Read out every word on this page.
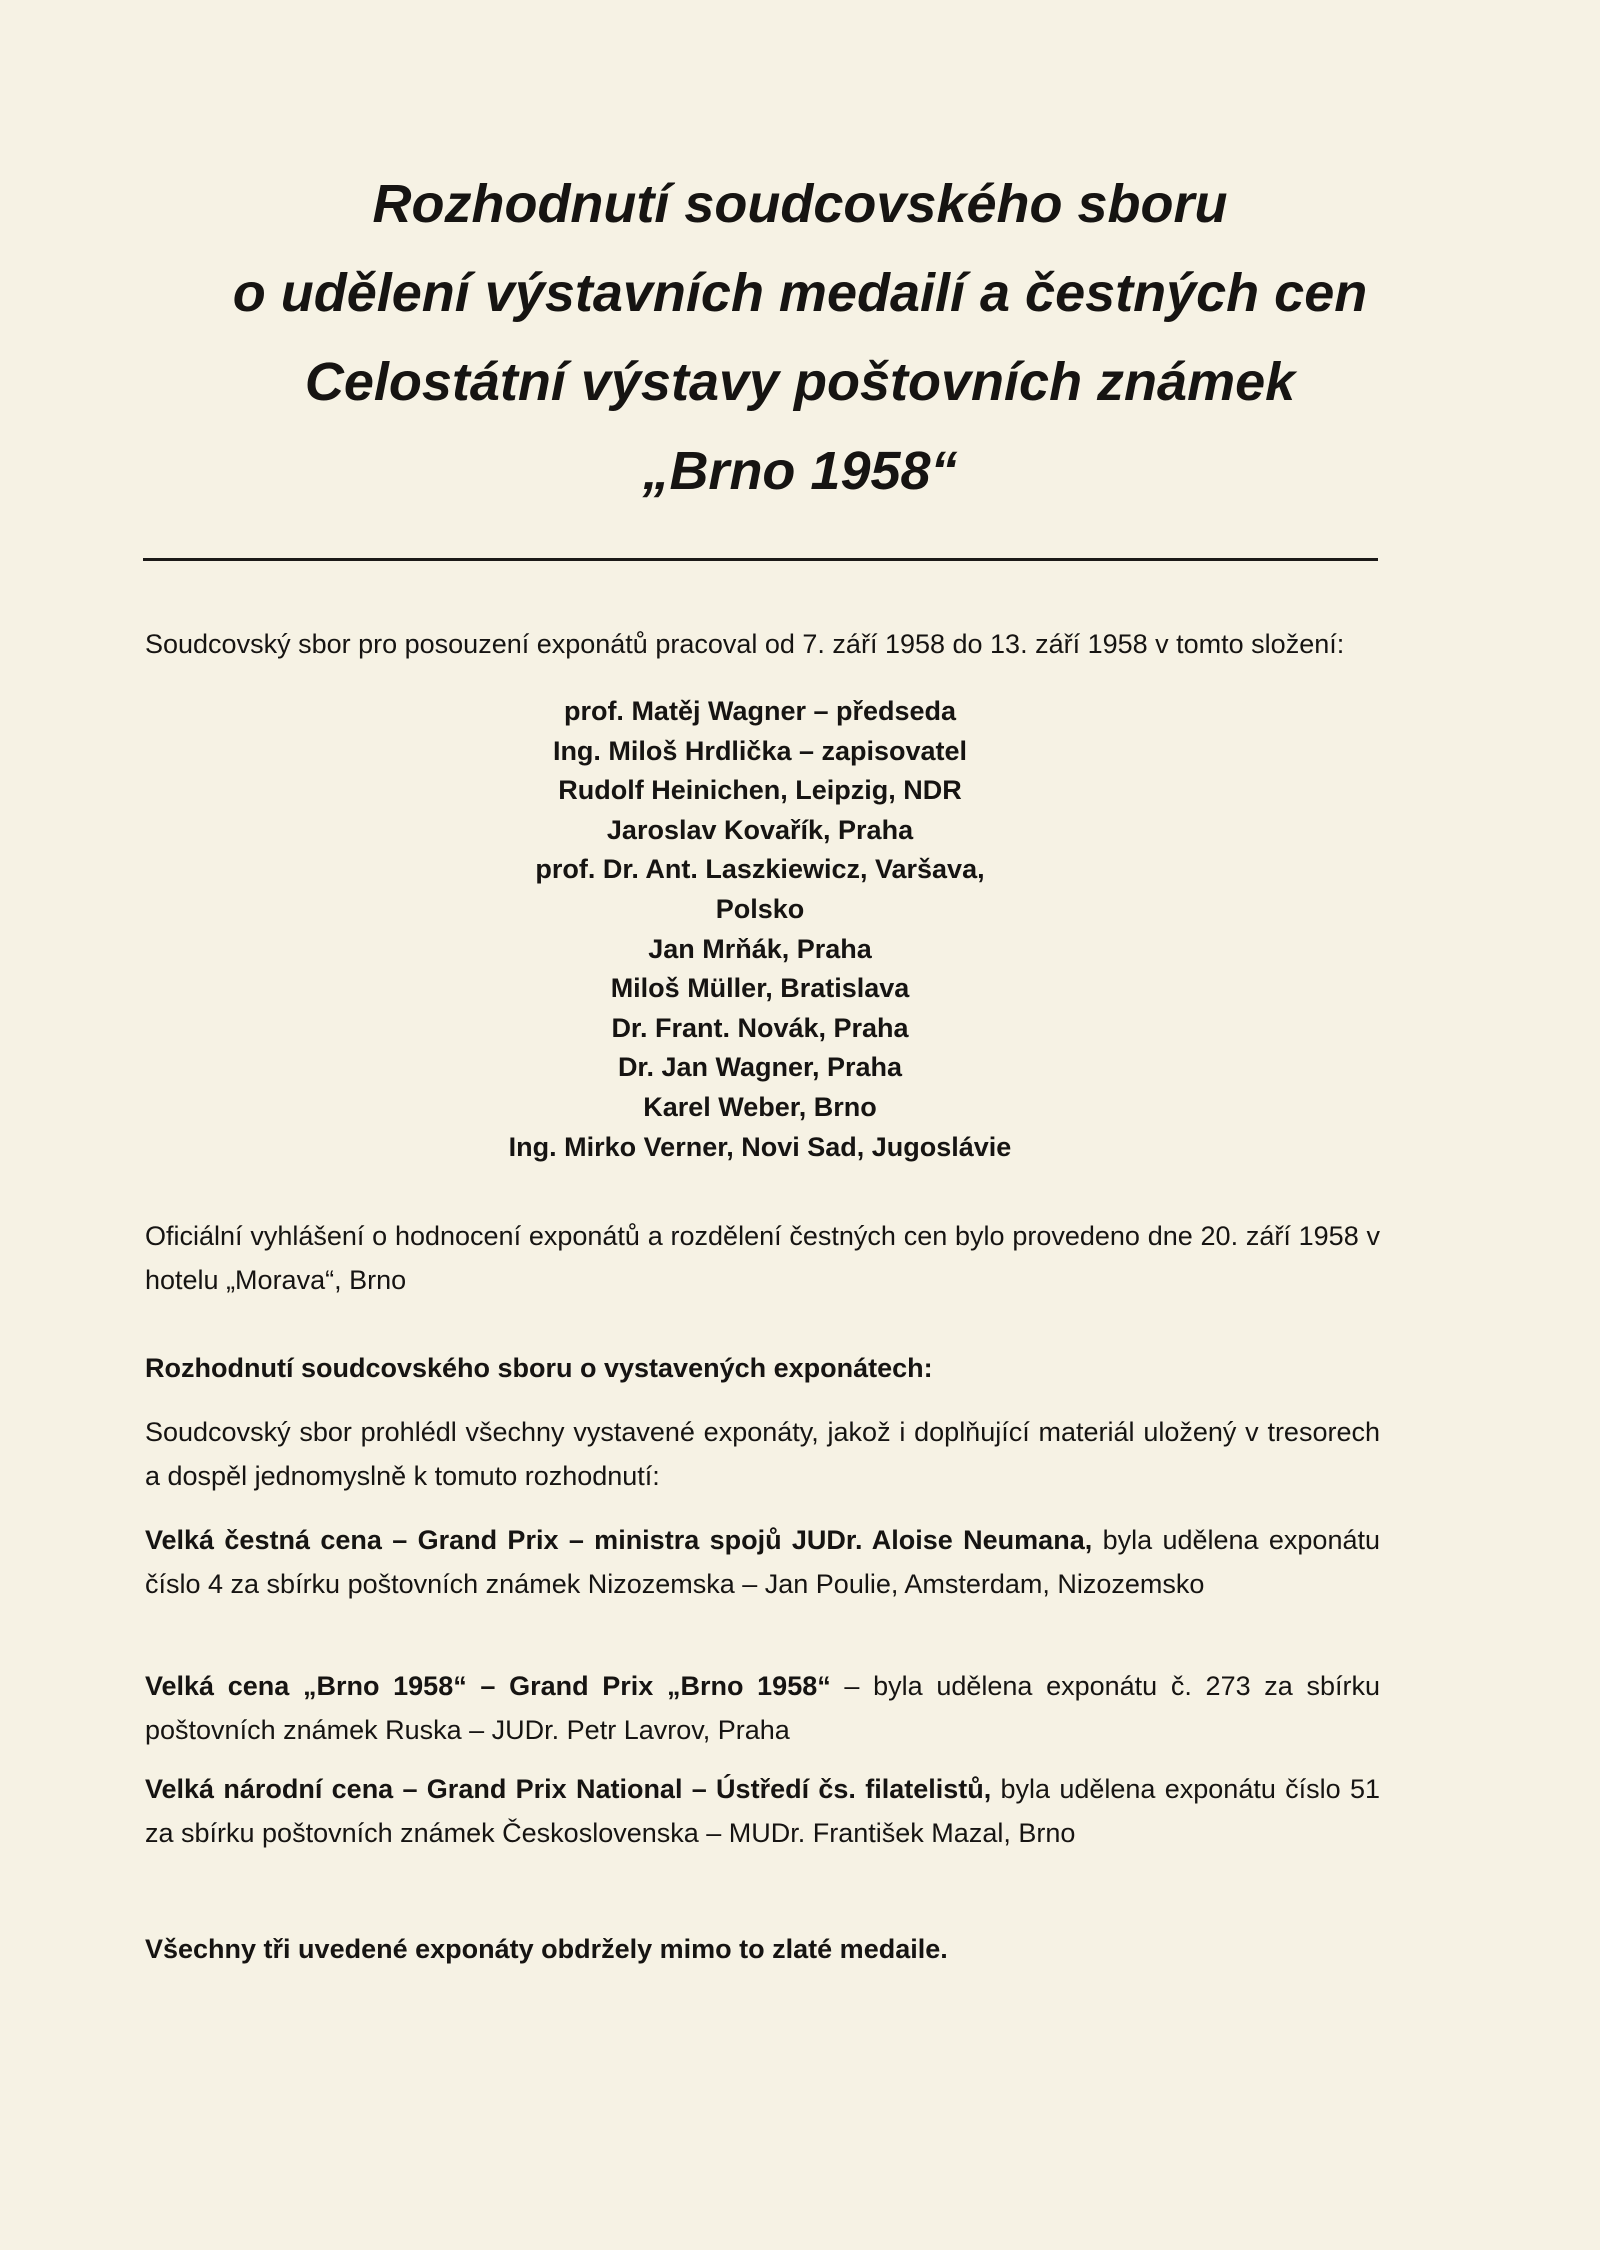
Rozhodnutí soudcovského sboru
o udělení výstavních medailí a čestných cen
Celostátní výstavy poštovních známek
„Brno 1958“
Soudcovský sbor pro posouzení exponátů pracoval od 7. září 1958 do 13. září 1958 v tomto složení:
prof. Matěj Wagner – předseda
Ing. Miloš Hrdlička – zapisovatel
Rudolf Heinichen, Leipzig, NDR
Jaroslav Kovařík, Praha
prof. Dr. Ant. Laszkiewicz, Varšava,
Polsko
Jan Mrňák, Praha
Miloš Müller, Bratislava
Dr. Frant. Novák, Praha
Dr. Jan Wagner, Praha
Karel Weber, Brno
Ing. Mirko Verner, Novi Sad, Jugoslávie
Oficiální vyhlášení o hodnocení exponátů a rozdělení čestných cen bylo provedeno dne 20. září 1958 v hotelu „Morava“, Brno
Rozhodnutí soudcovského sboru o vystavených exponátech:
Soudcovský sbor prohlédl všechny vystavené exponáty, jakož i doplňující materiál uložený v tresorech a dospěl jednomyslně k tomuto rozhodnutí:
Velká čestná cena – Grand Prix – ministra spojů JUDr. Aloise Neumana, byla udělena exponátu číslo 4 za sbírku poštovních známek Nizozemska – Jan Poulie, Amsterdam, Nizozemsko
Velká cena „Brno 1958“ – Grand Prix „Brno 1958“ – byla udělena exponátu č. 273 za sbírku poštovních známek Ruska – JUDr. Petr Lavrov, Praha
Velká národní cena – Grand Prix National – Ústředí čs. filatelistů, byla udělena exponátu číslo 51 za sbírku poštovních známek Československa – MUDr. František Mazal, Brno
Všechny tři uvedené exponáty obdržely mimo to zlaté medaile.
